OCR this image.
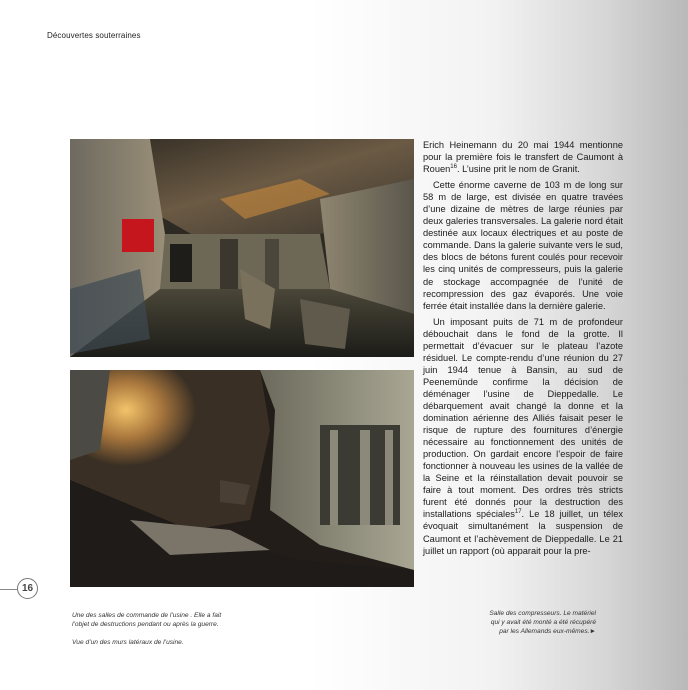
Découvertes souterraines

Erich Heinemann du 20 mai 1944 mentionne pour la première fois le transfert de Caumont à Rouen$^{16}$. L’usine prit le nom de Granit.

Cette énorme caverne de 103 m de long sur 58 m de large, est divisée en quatre travées d’une dizaine de mètres de large réunies par deux galeries transversales. La galerie nord était destinée aux locaux électriques et au poste de commande. Dans la galerie suivante vers le sud, des blocs de bétons furent coulés pour recevoir les cinq unités de compresseurs, puis la galerie de stockage accompagnée de l’unité de recompression des gaz évaporés. Une voie ferrée était installée dans la dernière galerie.

Un imposant puits de 71 m de profondeur débouchait dans le fond de la grotte. Il permettait d’évacuer sur le plateau l’azote résiduel. Le compte-rendu d’une réunion du 27 juin 1944 tenue à Bansin, au sud de Peenemünde confirme la décision de déménager l’usine de Dieppedalle. Le débarquement avait changé la donne et la domination aérienne des Alliés faisait peser le risque de rupture des fournitures d’énergie nécessaire au fonctionnement des unités de production. On gardait encore l’espoir de faire fonctionner à nouveau les usines de la vallée de la Seine et la réinstallation devait pouvoir se faire à tout moment. Des ordres très stricts furent été donnés pour la destruction des installations spéciales$^{17}$. Le 18 juillet, un télex évoquait simultanément la suspension de Caumont et l’achèvement de Dieppedalle. Le 21 juillet un rapport (où apparait pour la pre-

16
Une des salles de commande de l’usine . Elle a fait
l’objet de destructions pendant ou après la guerre.
Vue d’un des murs latéraux de l’usine.
Salle des compresseurs. Le matériel
qui y avait été monté a été récupéré
par les Allemands eux-mêmes.►
